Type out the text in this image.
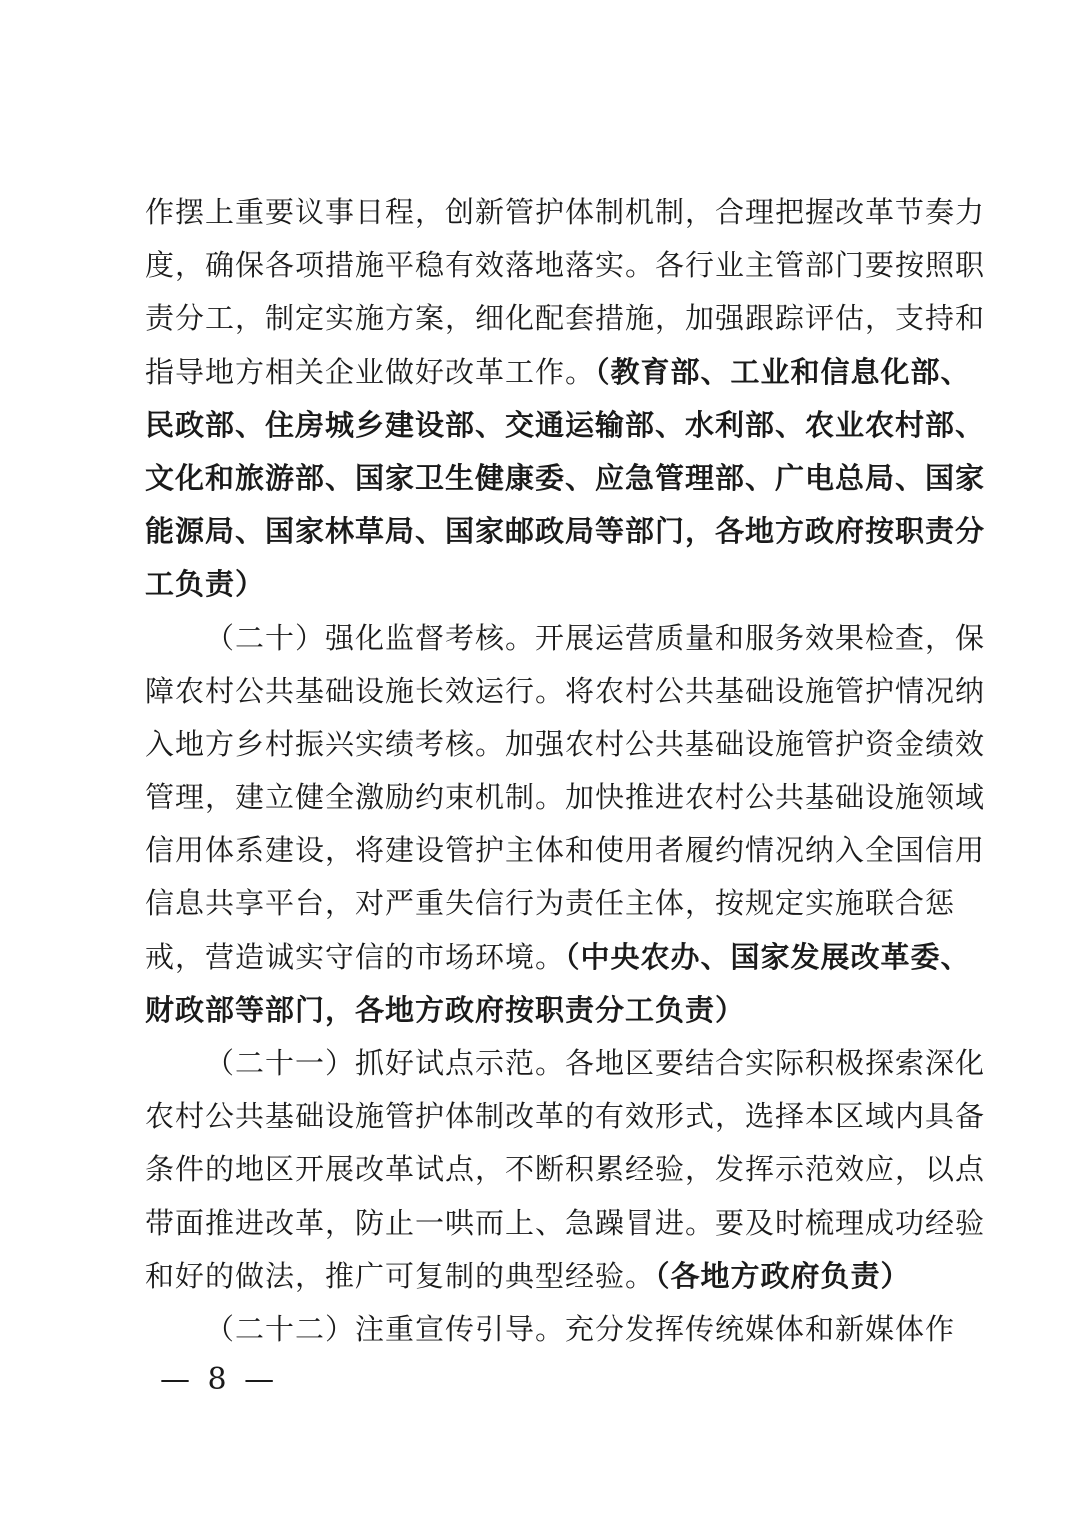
作摆上重要议事日程，创新管护体制机制，合理把握改革节奏力
度，确保各项措施平稳有效落地落实。各行业主管部门要按照职
责分工，制定实施方案，细化配套措施，加强跟踪评估，支持和
指导地方相关企业做好改革工作。（教育部、工业和信息化部、
民政部、住房城乡建设部、交通运输部、水利部、农业农村部、
文化和旅游部、国家卫生健康委、应急管理部、广电总局、国家
能源局、国家林草局、国家邮政局等部门，各地方政府按职责分
工负责）
（二十）强化监督考核。开展运营质量和服务效果检查，保
障农村公共基础设施长效运行。将农村公共基础设施管护情况纳
入地方乡村振兴实绩考核。加强农村公共基础设施管护资金绩效
管理，建立健全激励约束机制。加快推进农村公共基础设施领域
信用体系建设，将建设管护主体和使用者履约情况纳入全国信用
信息共享平台，对严重失信行为责任主体，按规定实施联合惩
戒，营造诚实守信的市场环境。（中央农办、国家发展改革委、
财政部等部门，各地方政府按职责分工负责）
（二十一）抓好试点示范。各地区要结合实际积极探索深化
农村公共基础设施管护体制改革的有效形式，选择本区域内具备
条件的地区开展改革试点，不断积累经验，发挥示范效应，以点
带面推进改革，防止一哄而上、急躁冒进。要及时梳理成功经验
和好的做法，推广可复制的典型经验。（各地方政府负责）
（二十二）注重宣传引导。充分发挥传统媒体和新媒体作
— 8 —
